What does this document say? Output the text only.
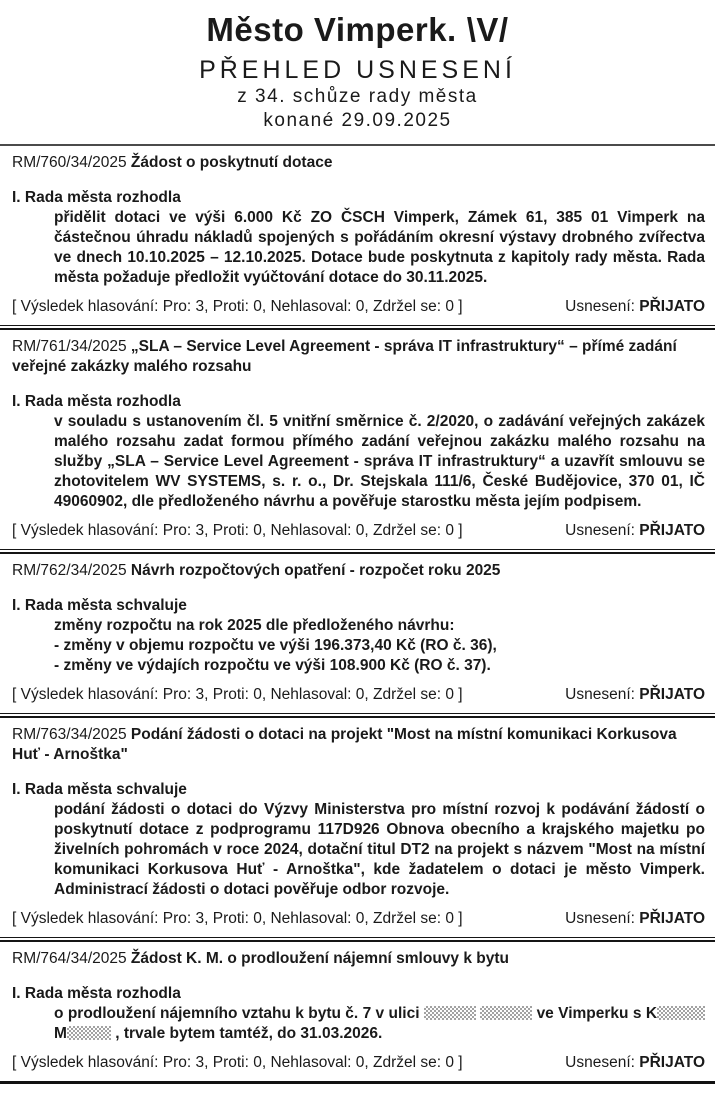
Město Vimperk. \V/
PŘEHLED USNESENÍ
z 34. schůze rady města
konané 29.09.2025
RM/760/34/2025 Žádost o poskytnutí dotace
I. Rada města rozhodla
přidělit dotaci ve výši 6.000 Kč ZO ČSCH Vimperk, Zámek 61, 385 01 Vimperk na částečnou úhradu nákladů spojených s pořádáním okresní výstavy drobného zvířectva ve dnech 10.10.2025 – 12.10.2025. Dotace bude poskytnuta z kapitoly rady města. Rada města požaduje předložit vyúčtování dotace do 30.11.2025.
[ Výsledek hlasování: Pro: 3, Proti: 0, Nehlasoval: 0, Zdržel se: 0 ]	Usnesení: PŘIJATO
RM/761/34/2025 „SLA – Service Level Agreement - správa IT infrastruktury“ – přímé zadání veřejné zakázky malého rozsahu
I. Rada města rozhodla
v souladu s ustanovením čl. 5 vnitřní směrnice č. 2/2020, o zadávání veřejných zakázek malého rozsahu zadat formou přímého zadání veřejnou zakázku malého rozsahu na služby „SLA – Service Level Agreement - správa IT infrastruktury“ a uzavřít smlouvu se zhotovitelem WV SYSTEMS, s. r. o., Dr. Stejskala 111/6, České Budějovice, 370 01, IČ 49060902, dle předloženého návrhu a pověřuje starostku města jejím podpisem.
[ Výsledek hlasování: Pro: 3, Proti: 0, Nehlasoval: 0, Zdržel se: 0 ]	Usnesení: PŘIJATO
RM/762/34/2025 Návrh rozpočtových opatření - rozpočet roku 2025
I. Rada města schvaluje
změny rozpočtu na rok 2025 dle předloženého návrhu:
- změny v objemu rozpočtu ve výši 196.373,40 Kč (RO č. 36),
- změny ve výdajích rozpočtu ve výši 108.900 Kč (RO č. 37).
[ Výsledek hlasování: Pro: 3, Proti: 0, Nehlasoval: 0, Zdržel se: 0 ]	Usnesení: PŘIJATO
RM/763/34/2025 Podání žádosti o dotaci na projekt "Most na místní komunikaci Korkusova Huť - Arnoštka"
I. Rada města schvaluje
podání žádosti o dotaci do Výzvy Ministerstva pro místní rozvoj k podávání žádostí o poskytnutí dotace z podprogramu 117D926 Obnova obecního a krajského majetku po živelních pohromách v roce 2024, dotační titul DT2 na projekt s názvem "Most na místní komunikaci Korkusova Huť - Arnoštka", kde žadatelem o dotaci je město Vimperk. Administrací žádosti o dotaci pověřuje odbor rozvoje.
[ Výsledek hlasování: Pro: 3, Proti: 0, Nehlasoval: 0, Zdržel se: 0 ]	Usnesení: PŘIJATO
RM/764/34/2025 Žádost K. M. o prodloužení nájemní smlouvy k bytu
I. Rada města rozhodla
o prodloužení nájemního vztahu k bytu č. 7 v ulici	ve Vimperku s K
M	, trvale bytem tamtéž, do 31.03.2026.
[ Výsledek hlasování: Pro: 3, Proti: 0, Nehlasoval: 0, Zdržel se: 0 ]	Usnesení: PŘIJATO
